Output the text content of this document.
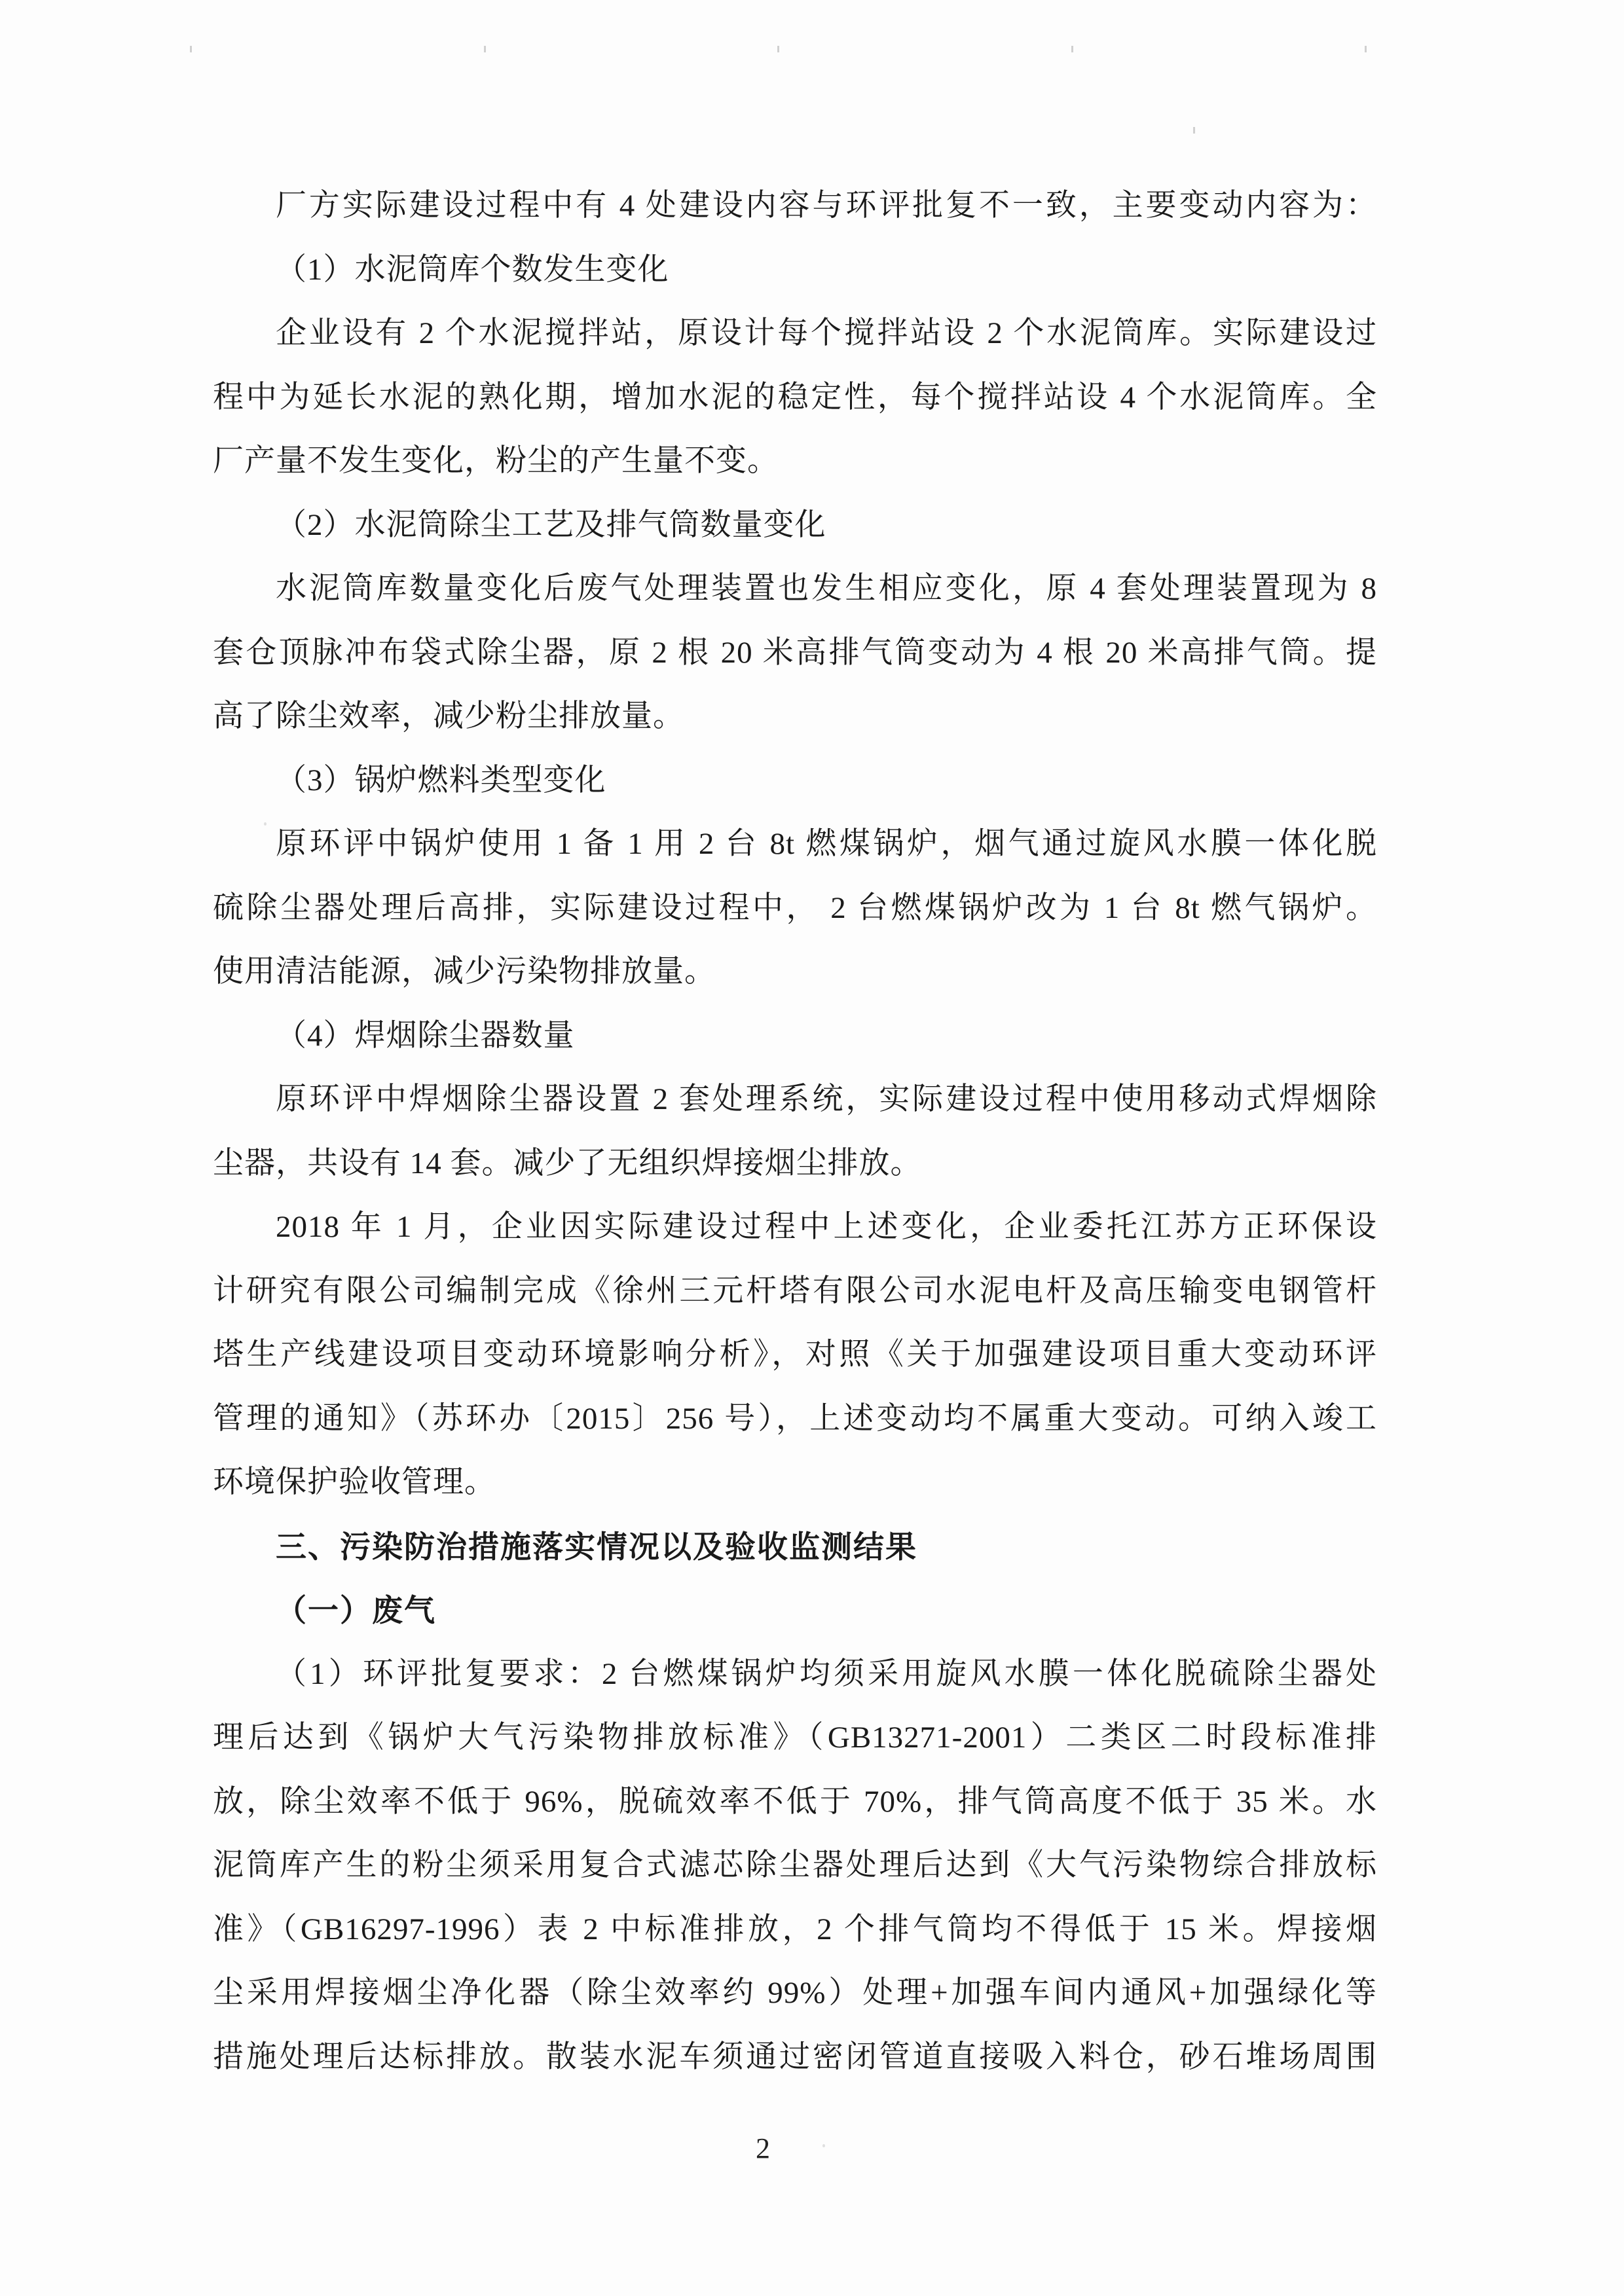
厂方实际建设过程中有 4 处建设内容与环评批复不一致，主要变动内容为：
（1）水泥筒库个数发生变化
企业设有 2 个水泥搅拌站，原设计每个搅拌站设 2 个水泥筒库。实际建设过
程中为延长水泥的熟化期，增加水泥的稳定性，每个搅拌站设 4 个水泥筒库。全
厂产量不发生变化，粉尘的产生量不变。
（2）水泥筒除尘工艺及排气筒数量变化
水泥筒库数量变化后废气处理装置也发生相应变化，原 4 套处理装置现为 8
套仓顶脉冲布袋式除尘器，原 2 根 20 米高排气筒变动为 4 根 20 米高排气筒。提
高了除尘效率，减少粉尘排放量。
（3）锅炉燃料类型变化
原环评中锅炉使用 1 备 1 用 2 台 8t 燃煤锅炉，烟气通过旋风水膜一体化脱
硫除尘器处理后高排，实际建设过程中， 2 台燃煤锅炉改为 1 台 8t 燃气锅炉。
使用清洁能源，减少污染物排放量。
（4）焊烟除尘器数量
原环评中焊烟除尘器设置 2 套处理系统，实际建设过程中使用移动式焊烟除
尘器，共设有 14 套。减少了无组织焊接烟尘排放。
2018 年 1 月，企业因实际建设过程中上述变化，企业委托江苏方正环保设
计研究有限公司编制完成《徐州三元杆塔有限公司水泥电杆及高压输变电钢管杆
塔生产线建设项目变动环境影响分析》，对照《关于加强建设项目重大变动环评
管理的通知》（苏环办〔2015〕256 号），上述变动均不属重大变动。可纳入竣工
环境保护验收管理。
三、污染防治措施落实情况以及验收监测结果
（一）废气
（1）环评批复要求：2 台燃煤锅炉均须采用旋风水膜一体化脱硫除尘器处
理后达到《锅炉大气污染物排放标准》（GB13271-2001）二类区二时段标准排
放，除尘效率不低于 96%，脱硫效率不低于 70%，排气筒高度不低于 35 米。水
泥筒库产生的粉尘须采用复合式滤芯除尘器处理后达到《大气污染物综合排放标
准》（GB16297-1996）表 2 中标准排放，2 个排气筒均不得低于 15 米。焊接烟
尘采用焊接烟尘净化器（除尘效率约 99%）处理+加强车间内通风+加强绿化等
措施处理后达标排放。散装水泥车须通过密闭管道直接吸入料仓，砂石堆场周围
2
